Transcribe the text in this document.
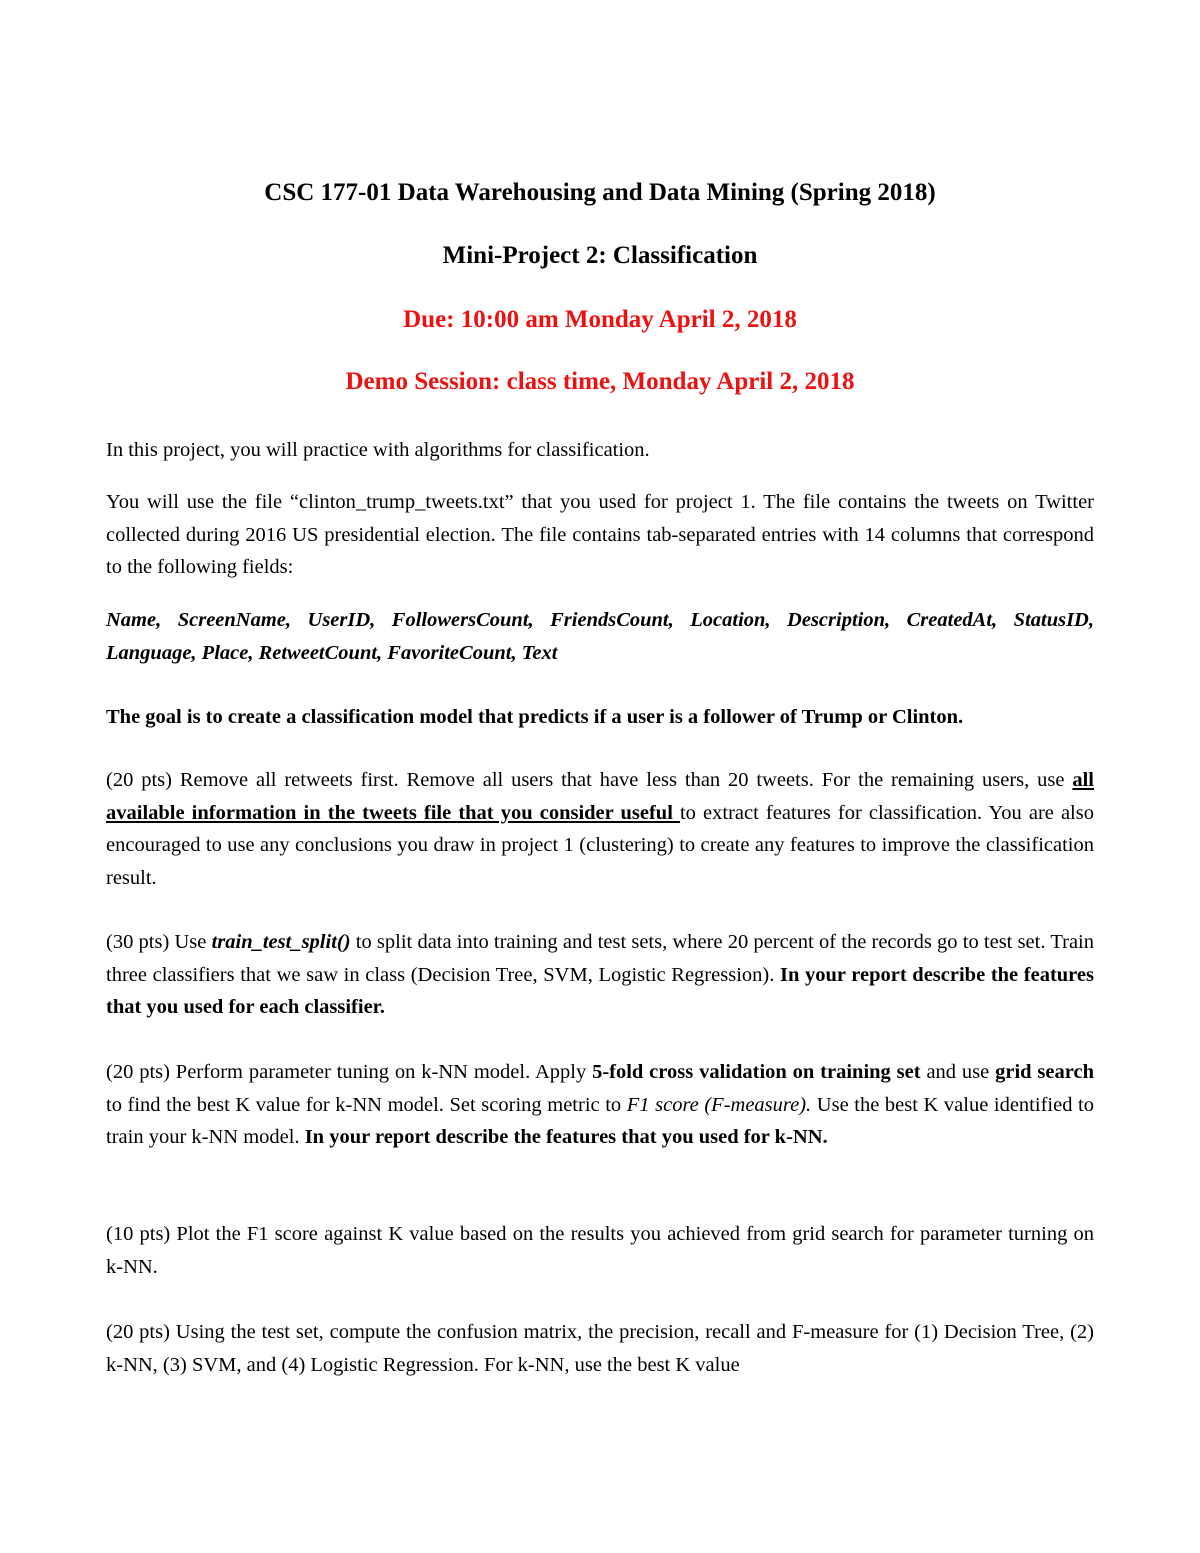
CSC 177-01 Data Warehousing and Data Mining (Spring 2018)
Mini-Project 2: Classification
Due: 10:00 am Monday April 2, 2018
Demo Session: class time, Monday April 2, 2018
In this project, you will practice with algorithms for classification.
You will use the file “clinton_trump_tweets.txt” that you used for project 1. The file contains the tweets on Twitter collected during 2016 US presidential election. The file contains tab-separated entries with 14 columns that correspond to the following fields:
Name, ScreenName, UserID, FollowersCount, FriendsCount, Location, Description, CreatedAt, StatusID, Language, Place, RetweetCount, FavoriteCount, Text
The goal is to create a classification model that predicts if a user is a follower of Trump or Clinton.
(20 pts) Remove all retweets first. Remove all users that have less than 20 tweets. For the remaining users, use all available information in the tweets file that you consider useful to extract features for classification. You are also encouraged to use any conclusions you draw in project 1 (clustering) to create any features to improve the classification result.
(30 pts) Use train_test_split() to split data into training and test sets, where 20 percent of the records go to test set. Train three classifiers that we saw in class (Decision Tree, SVM, Logistic Regression). In your report describe the features that you used for each classifier.
(20 pts) Perform parameter tuning on k-NN model. Apply 5-fold cross validation on training set and use grid search to find the best K value for k-NN model. Set scoring metric to F1 score (F-measure). Use the best K value identified to train your k-NN model. In your report describe the features that you used for k-NN.
(10 pts) Plot the F1 score against K value based on the results you achieved from grid search for parameter turning on k-NN.
(20 pts) Using the test set, compute the confusion matrix, the precision, recall and F-measure for (1) Decision Tree, (2) k-NN, (3) SVM, and (4) Logistic Regression. For k-NN, use the best K value
